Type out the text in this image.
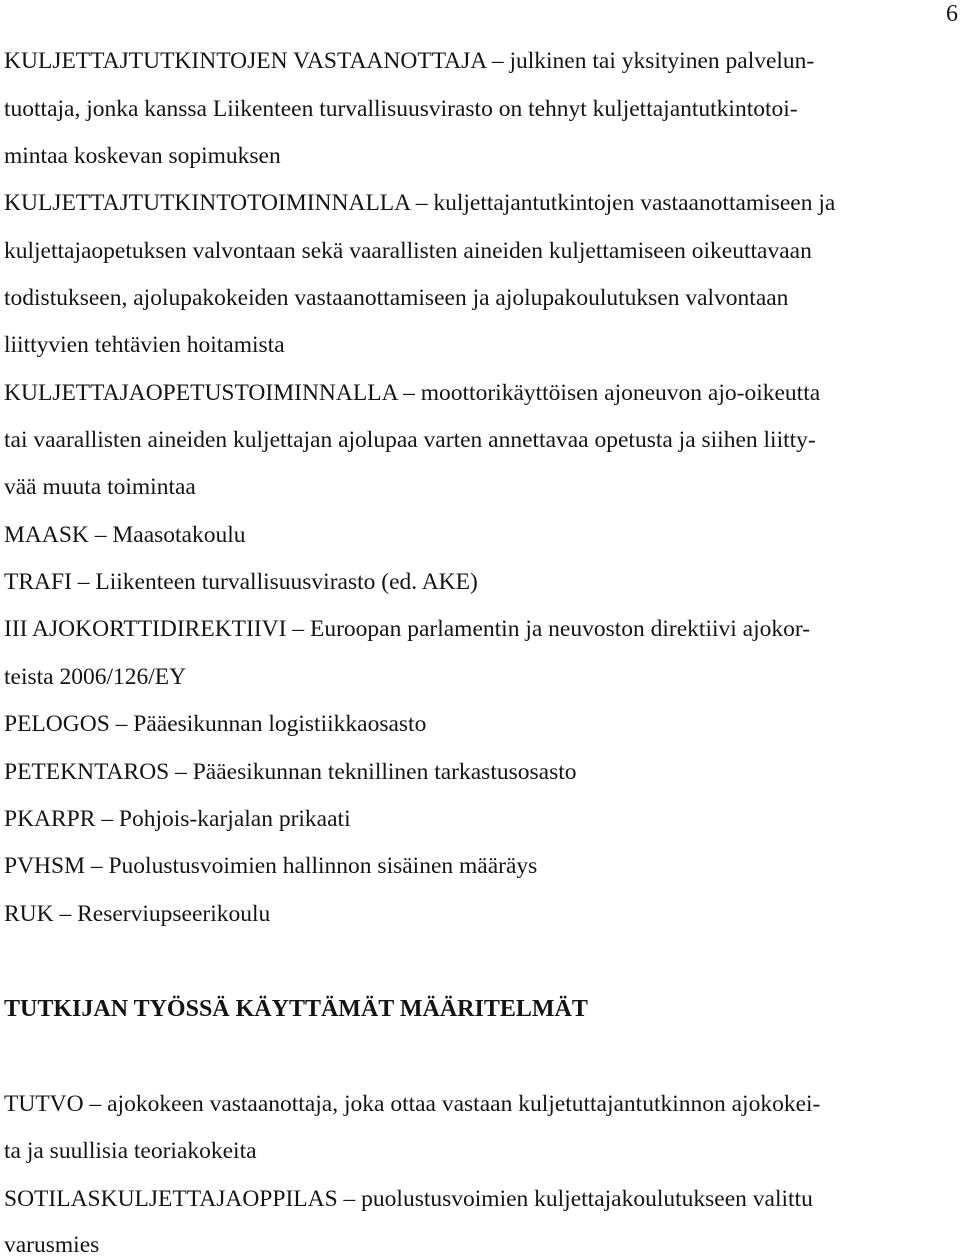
6
KULJETTAJTUTKINTOJEN VASTAANOTTAJA – julkinen tai yksityinen palvelun-
tuottaja, jonka kanssa Liikenteen turvallisuusvirasto on tehnyt kuljettajantutkintotoi-
mintaa koskevan sopimuksen
KULJETTAJTUTKINTOTOIMINNALLA – kuljettajantutkintojen vastaanottamiseen ja
kuljettajaopetuksen valvontaan sekä vaarallisten aineiden kuljettamiseen oikeuttavaan
todistukseen, ajolupakokeiden vastaanottamiseen ja ajolupakoulutuksen valvontaan
liittyvien tehtävien hoitamista
KULJETTAJAOPETUSTOIMINNALLA – moottorikäyttöisen ajoneuvon ajo-oikeutta
tai vaarallisten aineiden kuljettajan ajolupaa varten annettavaa opetusta ja siihen liitty-
vää muuta toimintaa
MAASK – Maasotakoulu
TRAFI – Liikenteen turvallisuusvirasto (ed. AKE)
III AJOKORTTIDIREKTIIVI – Euroopan parlamentin ja neuvoston direktiivi ajokor-
teista 2006/126/EY
PELOGOS – Pääesikunnan logistiikkaosasto
PETEKNTAROS – Pääesikunnan teknillinen tarkastusosasto
PKARPR – Pohjois-karjalan prikaati
PVHSM – Puolustusvoimien hallinnon sisäinen määräys
RUK – Reserviupseerikoulu
TUTKIJAN TYÖSSÄ KÄYTTÄMÄT MÄÄRITELMÄT
TUTVO – ajokokeen vastaanottaja, joka ottaa vastaan kuljetuttajantutkinnon ajokokei-
ta ja suullisia teoriakokeita
SOTILASKULJETTAJAOPPILAS – puolustusvoimien kuljettajakoulutukseen valittu
varusmies
